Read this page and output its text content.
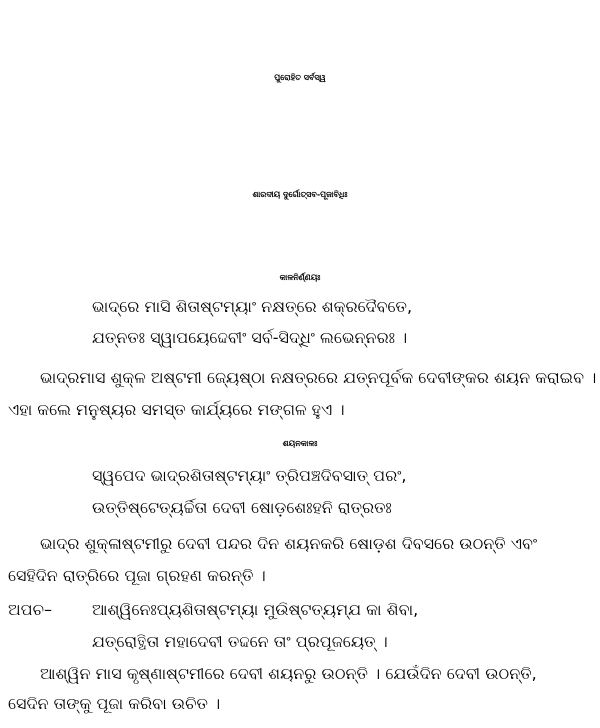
ପୁରୋହିତ ସର୍ବସ୍ୱ
ଶାରଦୀୟ ଦୁର୍ଗୋତ୍ସବ-ପୂଜାବିଧିଃ
କାଳନିର୍ଣ୍ଣୟଃ
ଭାଦ୍ରେ ମାସି ଶିତାଷ୍ଟମ୍ୟାଂ ନକ୍ଷତ୍ରେ ଶକ୍ରଦୈବତେ,
ଯତ୍ନତଃ ସ୍ୱାପୟେଦ୍ଦେବୀଂ ସର୍ବ-ସିଦ୍ଧିଂ ଲଭେନ୍ନରଃ ।
ଭାଦ୍ରମାସ ଶୁକ୍ଳ ଅଷ୍ଟମୀ ଜ୍ୟେଷ୍ଠା ନକ୍ଷତ୍ରରେ ଯତ୍ନପୂର୍ବକ ଦେବୀଙ୍କର ଶୟନ କରାଇବ ।
ଏହା କଲେ ମନୁଷ୍ୟର ସମସ୍ତ କାର୍ଯ୍ୟରେ ମଙ୍ଗଳ ହୁଏ ।
ଶୟନକାଳଃ
ସ୍ୱପେଦ ଭାଦ୍ରଶିତାଷ୍ଟମ୍ୟାଂ ତ୍ରିପଞ୍ଚଦିବସାତ୍ ପରଂ,
ଉତ୍ତିଷ୍ଟେତ୍ୟର୍ଚ୍ଚିତା ଦେବୀ ଷୋଡ଼ଶେଃହନି ରାତ୍ରତଃ
ଭାଦ୍ର ଶୁକ୍ଳାଷ୍ଟମୀରୁ ଦେବୀ ପନ୍ଦର ଦିନ ଶୟନକରି ଷୋଡ଼ଶ ଦିବସରେ ଉଠନ୍ତି ଏବଂ
ସେହିଦିନ ରାତ୍ରିରେ ପୂଜା ଗ୍ରହଣ କରନ୍ତି ।
ଅପଚ–	ଆଶ୍ୱିନେଃପ୍ୟଶିତାଷ୍ଟମ୍ୟା ମୁଉିଷ୍ଟତ୍ୟମ୍ଯ କା ଶିବା,
ଯତ୍ରୋତ୍ଥିତା ମହାଦେବୀ ତଦ୍ଦନେ ତାଂ ପ୍ରପୂଜୟେତ୍ ।
ଆଶ୍ୱିନ ମାସ କୃଷ୍ଣାଷ୍ଟମୀରେ ଦେବୀ ଶୟନରୁ ଉଠନ୍ତି । ଯେଉଁଦିନ ଦେବୀ ଉଠନ୍ତି,
ସେଦିନ ତାଙ୍କୁ ପୂଜା କରିବା ଉଚିତ ।
